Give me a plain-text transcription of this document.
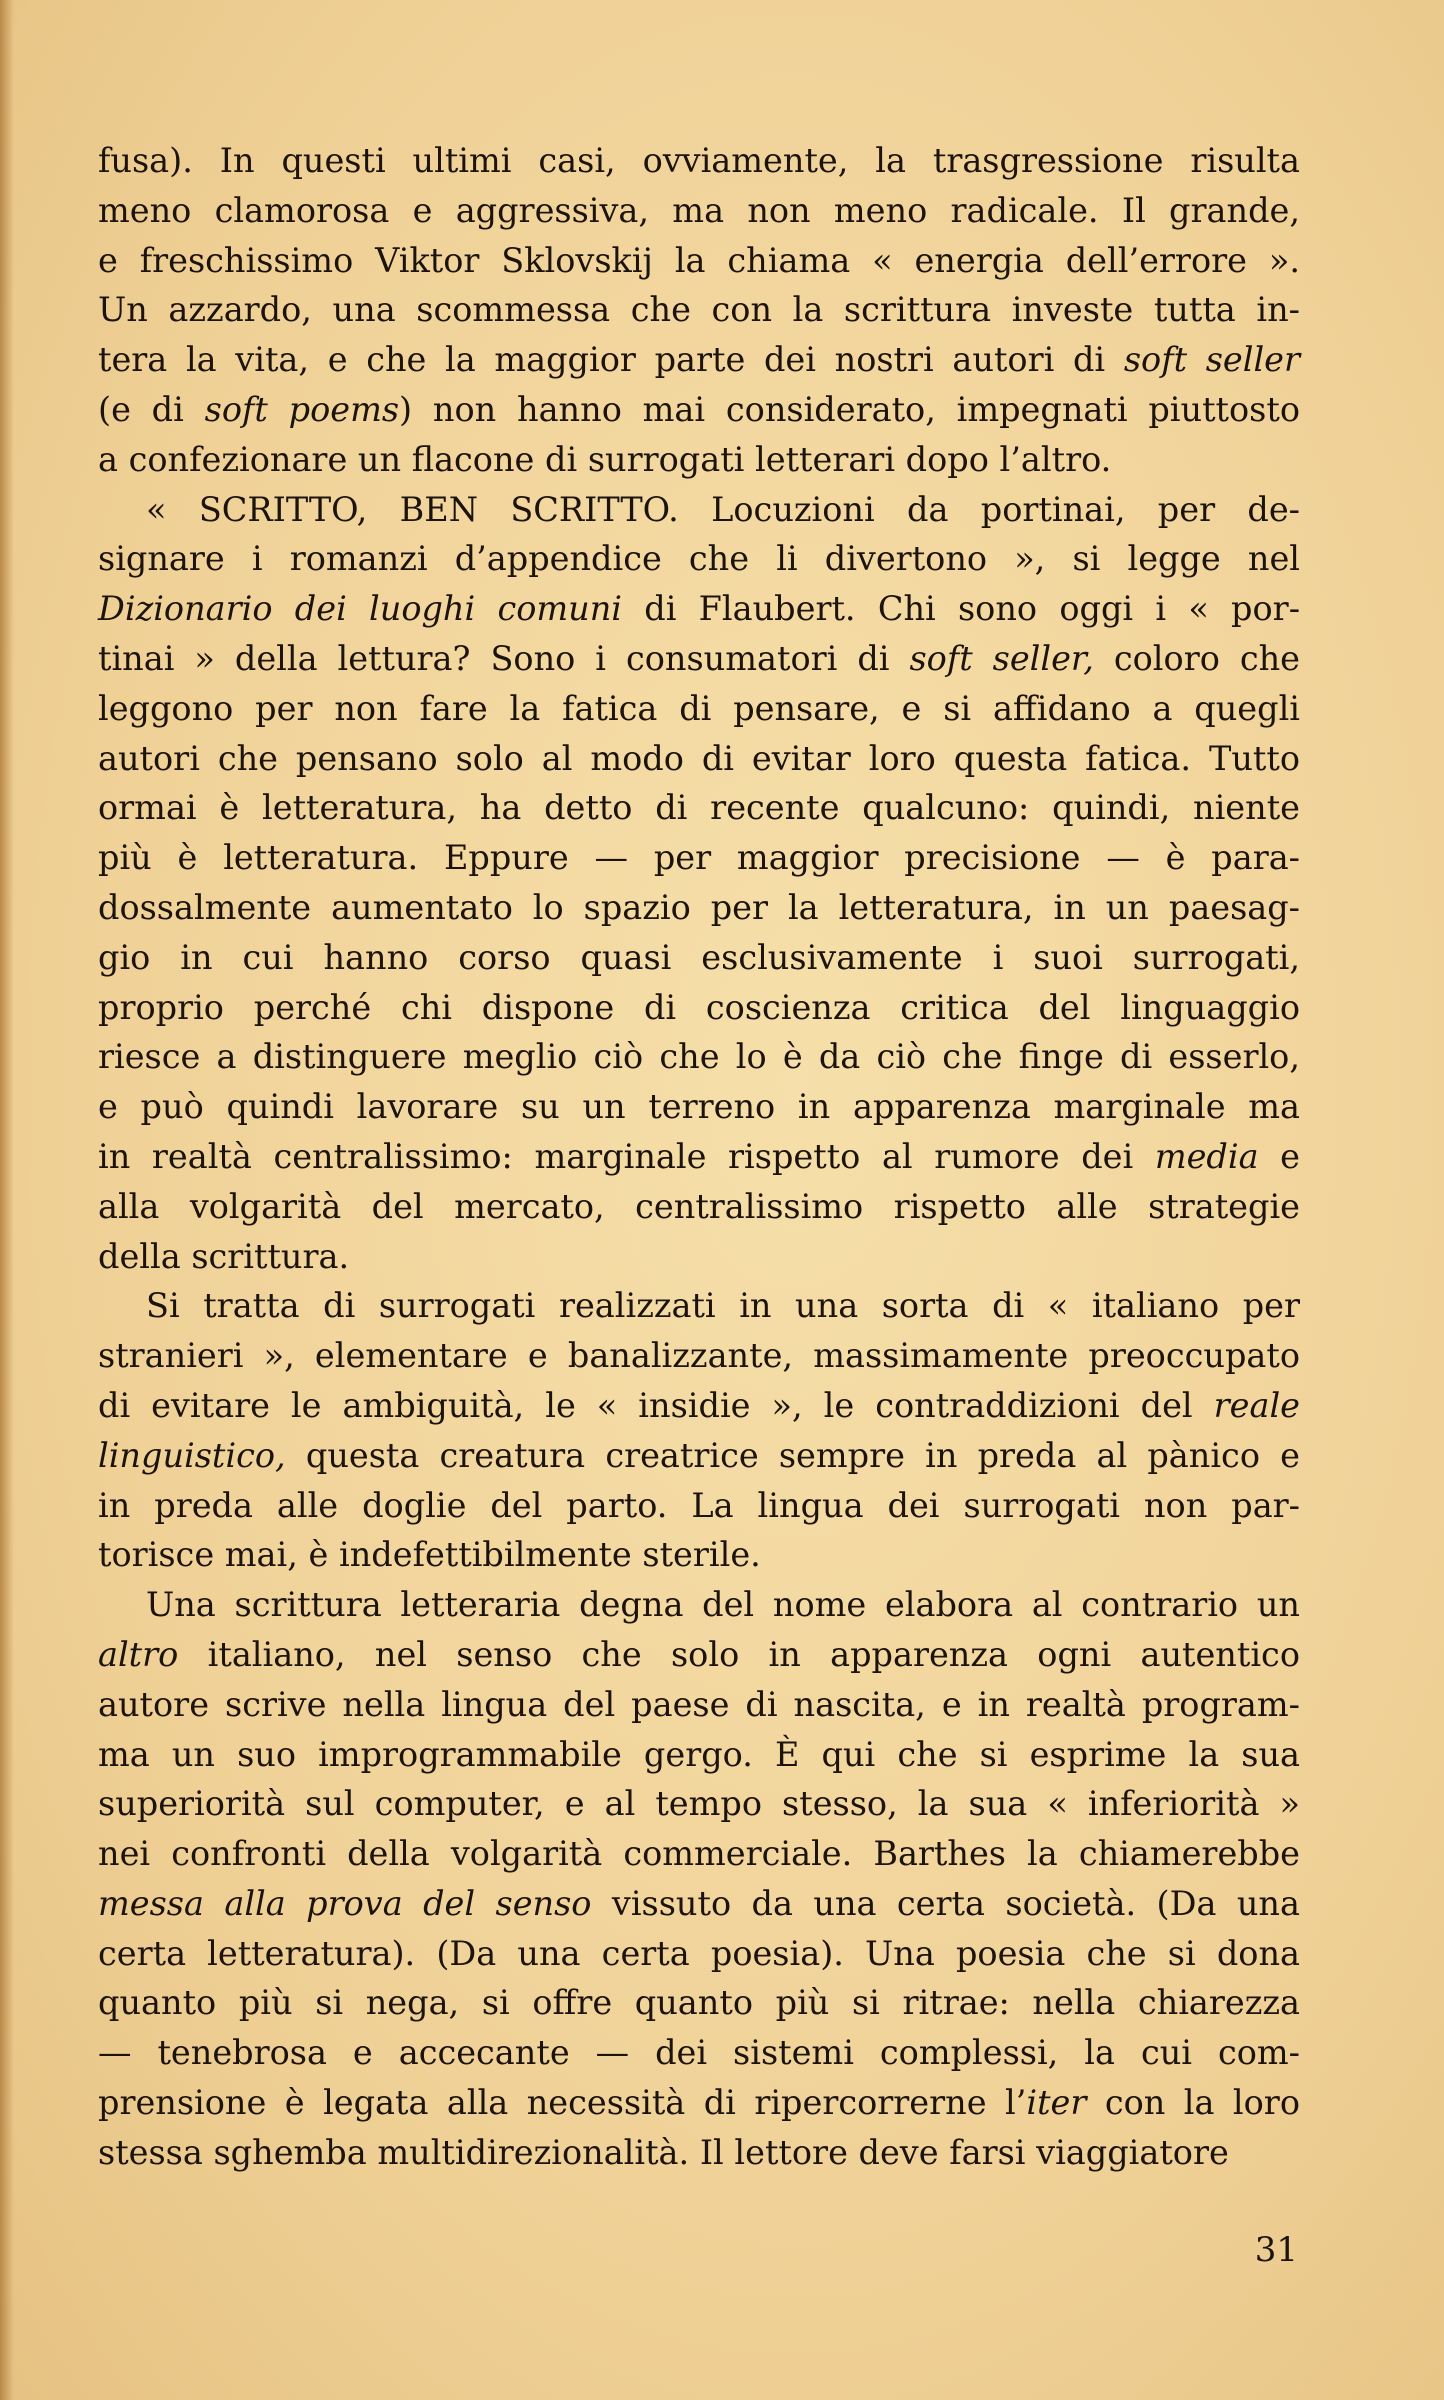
fusa). In questi ultimi casi, ovviamente, la trasgressione risulta
meno clamorosa e aggressiva, ma non meno radicale. Il grande,
e freschissimo Viktor Sklovskij la chiama « energia dell’errore ».
Un azzardo, una scommessa che con la scrittura investe tutta in-
tera la vita, e che la maggior parte dei nostri autori di soft seller
(e di soft poems) non hanno mai considerato, impegnati piuttosto
a confezionare un flacone di surrogati letterari dopo l’altro.

« SCRITTO, BEN SCRITTO. Locuzioni da portinai, per de-
signare i romanzi d’appendice che li divertono », si legge nel
Dizionario dei luoghi comuni di Flaubert. Chi sono oggi i « por-
tinai » della lettura? Sono i consumatori di soft seller, coloro che
leggono per non fare la fatica di pensare, e si affidano a quegli
autori che pensano solo al modo di evitar loro questa fatica. Tutto
ormai è letteratura, ha detto di recente qualcuno: quindi, niente
più è letteratura. Eppure — per maggior precisione — è para-
dossalmente aumentato lo spazio per la letteratura, in un paesag-
gio in cui hanno corso quasi esclusivamente i suoi surrogati,
proprio perché chi dispone di coscienza critica del linguaggio
riesce a distinguere meglio ciò che lo è da ciò che finge di esserlo,
e può quindi lavorare su un terreno in apparenza marginale ma
in realtà centralissimo: marginale rispetto al rumore dei media e
alla volgarità del mercato, centralissimo rispetto alle strategie
della scrittura.

Si tratta di surrogati realizzati in una sorta di « italiano per
stranieri », elementare e banalizzante, massimamente preoccupato
di evitare le ambiguità, le « insidie », le contraddizioni del reale
linguistico, questa creatura creatrice sempre in preda al pànico e
in preda alle doglie del parto. La lingua dei surrogati non par-
torisce mai, è indefettibilmente sterile.

Una scrittura letteraria degna del nome elabora al contrario un
altro italiano, nel senso che solo in apparenza ogni autentico
autore scrive nella lingua del paese di nascita, e in realtà program-
ma un suo improgrammabile gergo. È qui che si esprime la sua
superiorità sul computer, e al tempo stesso, la sua « inferiorità »
nei confronti della volgarità commerciale. Barthes la chiamerebbe
messa alla prova del senso vissuto da una certa società. (Da una
certa letteratura). (Da una certa poesia). Una poesia che si dona
quanto più si nega, si offre quanto più si ritrae: nella chiarezza
— tenebrosa e accecante — dei sistemi complessi, la cui com-
prensione è legata alla necessità di ripercorrerne l’iter con la loro
stessa sghemba multidirezionalità. Il lettore deve farsi viaggiatore

31
